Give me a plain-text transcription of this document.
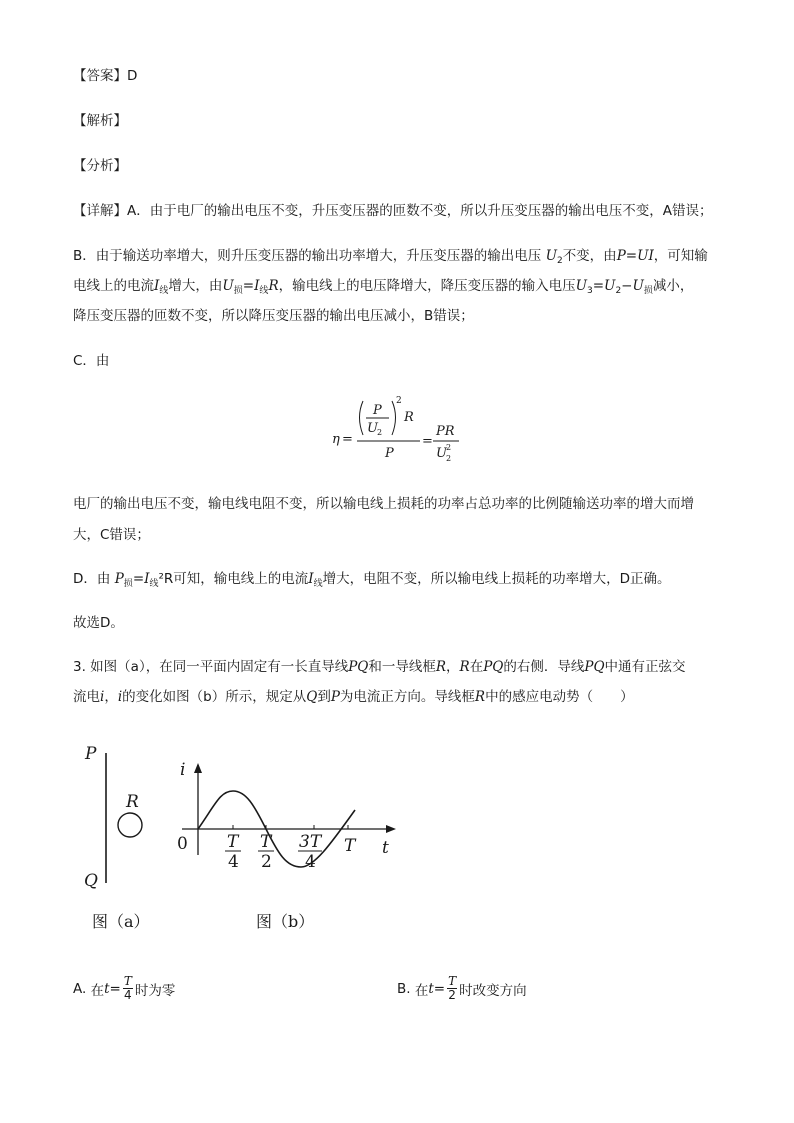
【答案】D
【解析】
【分析】
【详解】A．由于电厂的输出电压不变，升压变压器的匝数不变，所以升压变压器的输出电压不变，A错误；
B．由于输送功率增大，则升压变压器的输出功率增大，升压变压器的输出电压 $U_2$不变，由P=UI，可知输
电线上的电流$I_线$增大，由$U_损=I_线R$，输电线上的电压降增大，降压变压器的输入电压$U_3=U_2-U_损$减小，
降压变压器的匝数不变，所以降压变压器的输出电压减小，B错误；
C．由
η =
P
U 2
2
R
P
=
PR
U 2
2
电厂的输出电压不变，输电线电阻不变，所以输电线上损耗的功率占总功率的比例随输送功率的增大而增
大，C错误；
D．由 $P_损=I_线^2R$可知，输电线上的电流$I_线$增大，电阻不变，所以输电线上损耗的功率增大，D正确。
故选D。
3. 如图（a），在同一平面内固定有一长直导线PQ和一导线框R，R在PQ的右侧．导线PQ中通有正弦交
流电i，i的变化如图（b）所示，规定从Q到P为电流正方向。导线框R中的感应电动势（　　）
P
Q
R
i
t
0 T
4
T
2
3T
4
T
图（a）	图（b）
A.
在 $t = \frac{T}{4}$ 时为零	B.
在 $t = \frac{T}{2}$ 时改变方向
